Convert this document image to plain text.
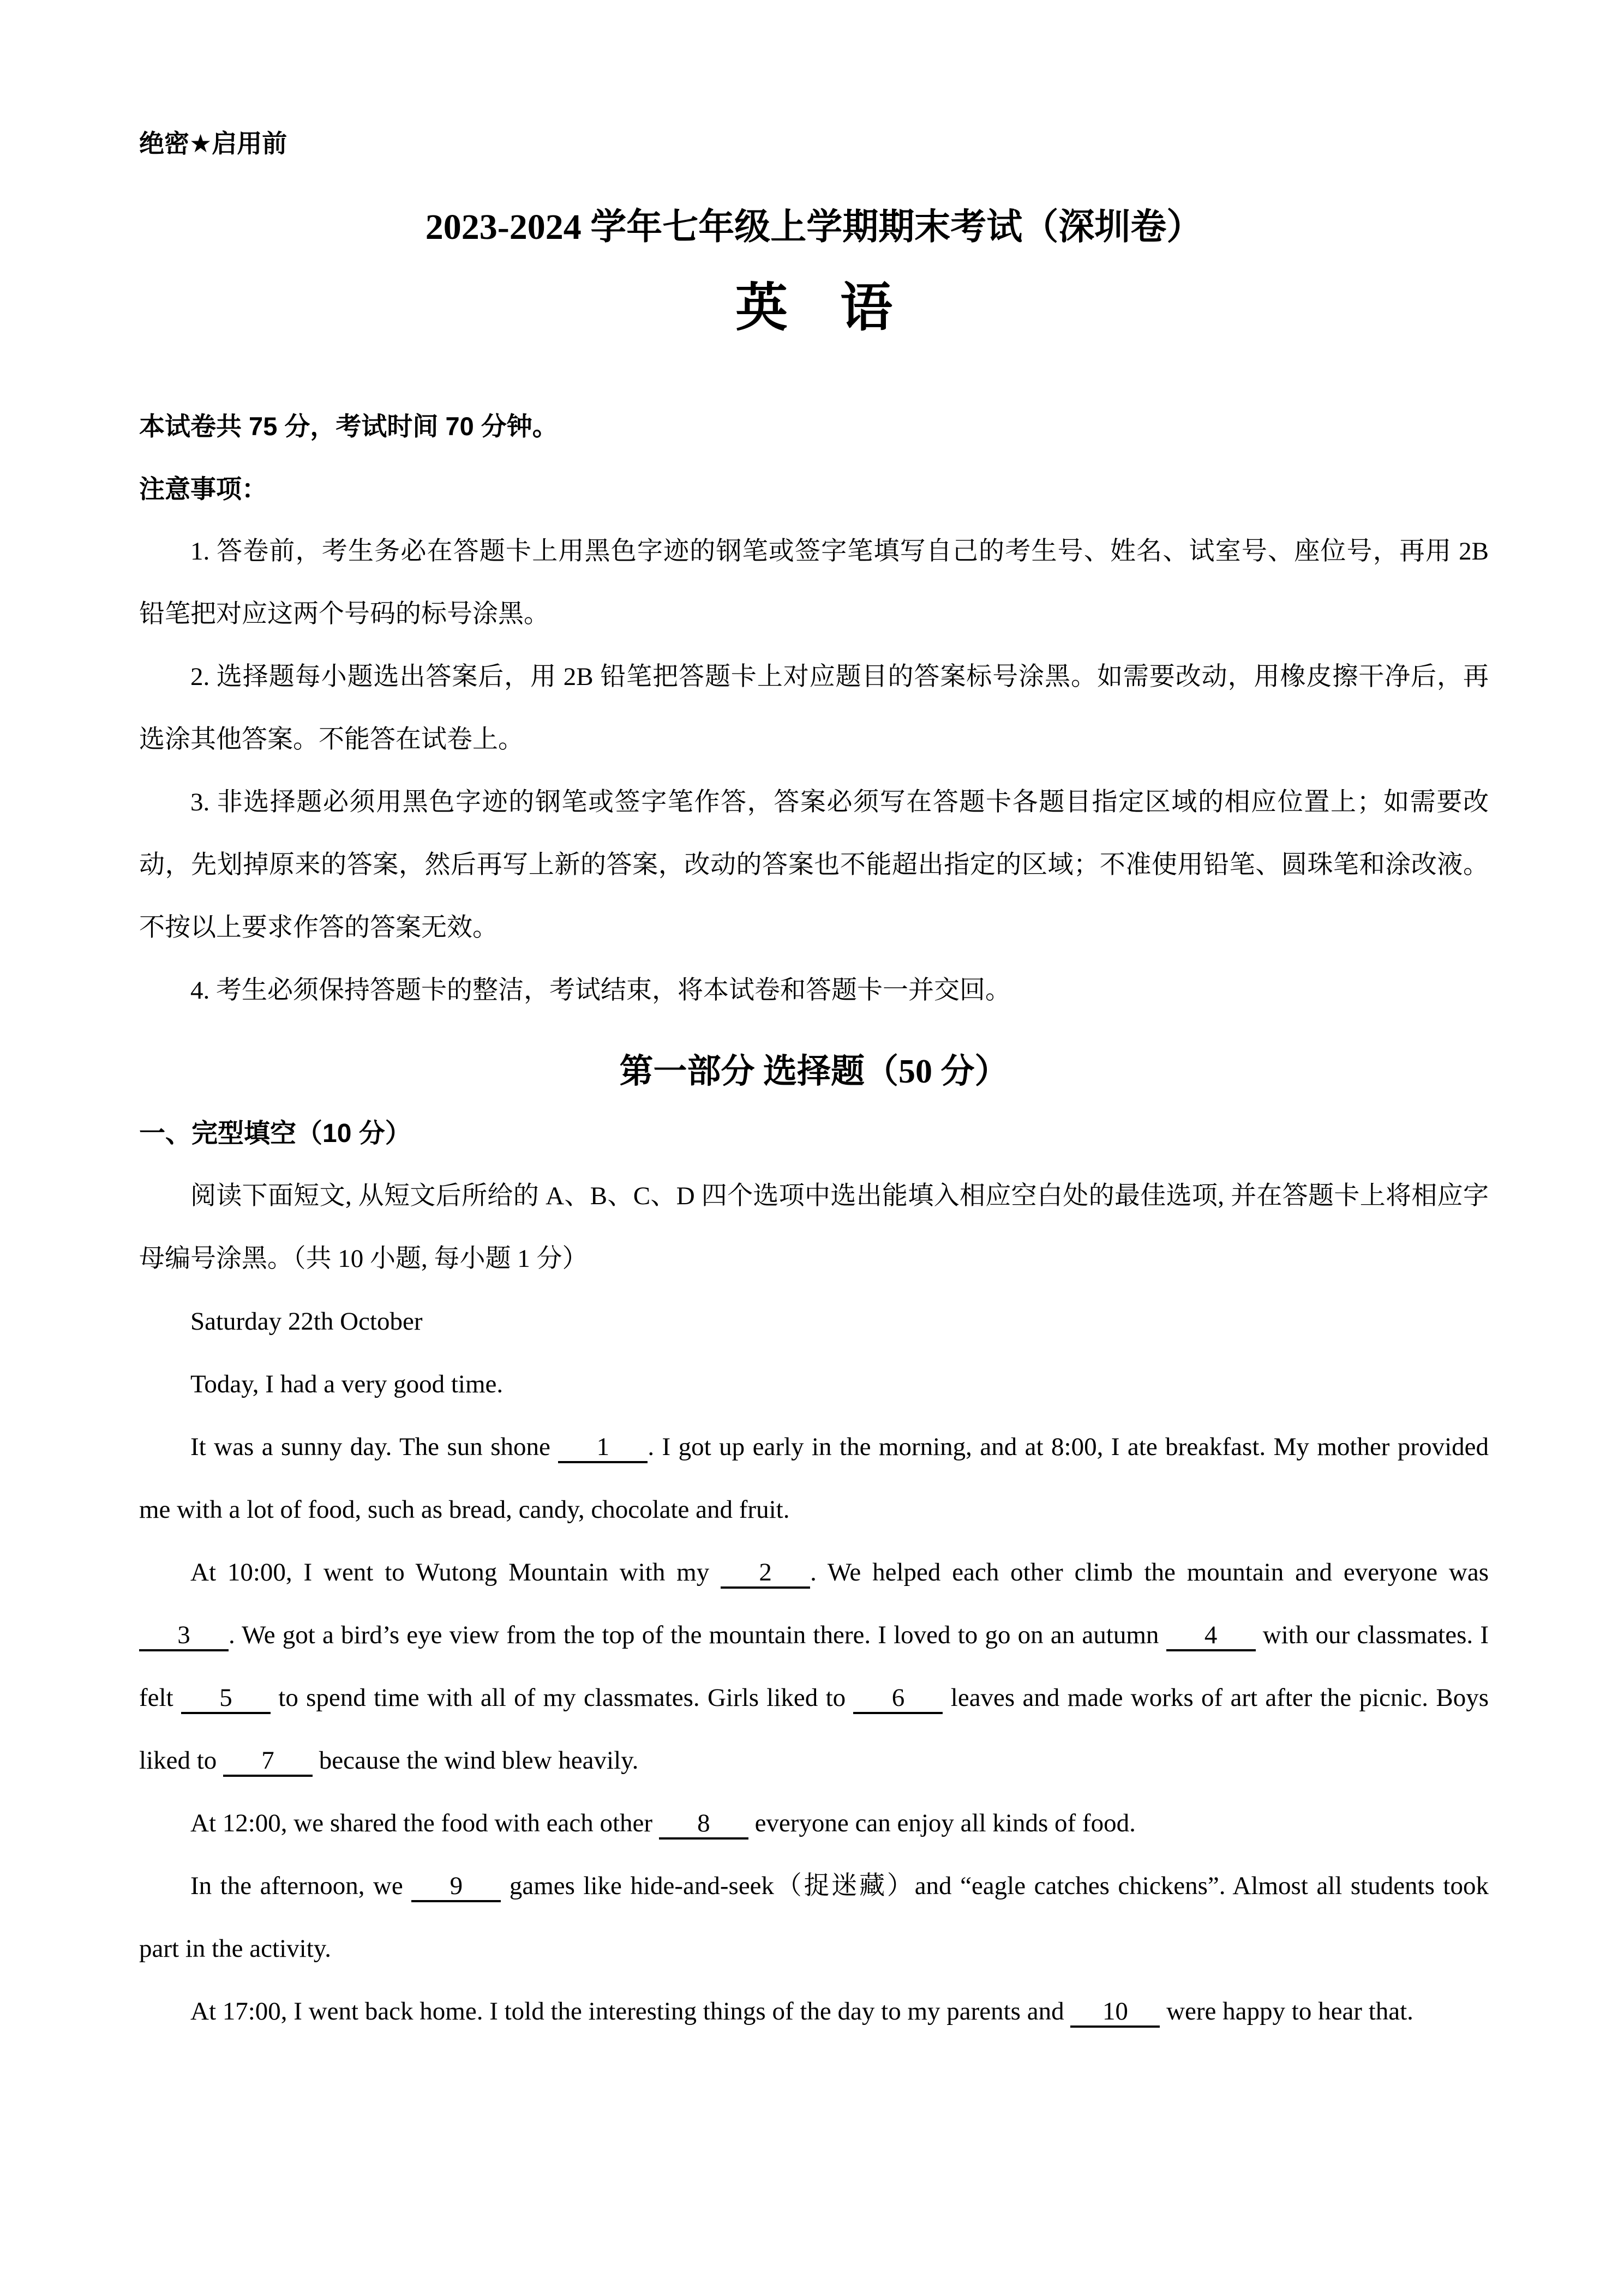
绝密★启用前
2023-2024 学年七年级上学期期末考试（深圳卷）
英　语

本试卷共 75 分，考试时间 70 分钟。

注意事项：

1. 答卷前，考生务必在答题卡上用黑色字迹的钢笔或签字笔填写自己的考生号、姓名、试室号、座位号，再用 2B 铅笔把对应这两个号码的标号涂黑。

2. 选择题每小题选出答案后，用 2B 铅笔把答题卡上对应题目的答案标号涂黑。如需要改动，用橡皮擦干净后，再选涂其他答案。不能答在试卷上。

3. 非选择题必须用黑色字迹的钢笔或签字笔作答，答案必须写在答题卡各题目指定区域的相应位置上；如需要改动，先划掉原来的答案，然后再写上新的答案，改动的答案也不能超出指定的区域；不准使用铅笔、圆珠笔和涂改液。不按以上要求作答的答案无效。

4. 考生必须保持答题卡的整洁，考试结束，将本试卷和答题卡一并交回。

第一部分 选择题（50 分）

一、完型填空（10 分）

阅读下面短文, 从短文后所给的 A、B、C、D 四个选项中选出能填入相应空白处的最佳选项, 并在答题卡上将相应字母编号涂黑。（共 10 小题, 每小题 1 分）

Saturday 22th October

Today, I had a very good time.

It was a sunny day. The sun shone 1 . I got up early in the morning, and at 8:00, I ate breakfast. My mother provided me with a lot of food, such as bread, candy, chocolate and fruit.

At 10:00, I went to Wutong Mountain with my 2 . We helped each other climb the mountain and everyone was 3 . We got a bird’s eye view from the top of the mountain there. I loved to go on an autumn 4 with our classmates. I felt 5 to spend time with all of my classmates. Girls liked to 6 leaves and made works of art after the picnic. Boys liked to 7 because the wind blew heavily.

At 12:00, we shared the food with each other 8 everyone can enjoy all kinds of food.

In the afternoon, we 9 games like hide-and-seek（捉迷藏）and “eagle catches chickens”. Almost all students took part in the activity.

At 17:00, I went back home. I told the interesting things of the day to my parents and 10 were happy to hear that.
